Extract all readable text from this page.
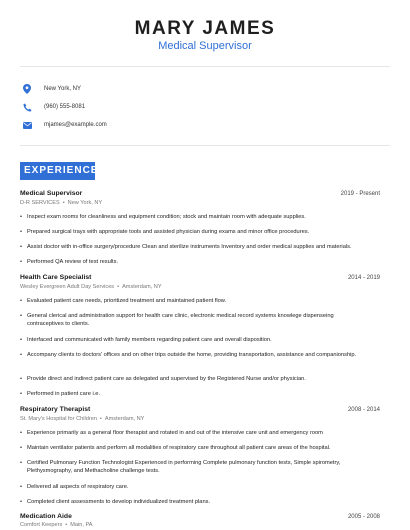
MARY JAMES
Medical Supervisor
New York, NY
(960) 555-8081
mjames@example.com
EXPERIENCE
Medical Supervisor	2019 - Present
D-R SERVICES • New York, NY
• Inspect exam rooms for cleanliness and equipment condition; stock and maintain room with adequate supplies.
• Prepared surgical trays with appropriate tools and assisted physician during exams and minor office procedures.
• Assist doctor with in-office surgery/procedure Clean and sterilize instruments Inventory and order medical supplies and materials.
• Performed QA review of test results.
Health Care Specialist	2014 - 2019
Wesley Evergreen Adult Day Services • Amsterdam, NY
• Evaluated patient care needs, prioritized treatment and maintained patient flow.
• General clerical and administration support for health care clinic, electronic medical record systems knowlege dispenseing contraceptives to clients.
• Interfaced and communicated with family members regarding patient care and overall disposition.
• Accompany clients to doctors' offices and on other trips outside the home, providing transportation, assistance and companionship.
• Provide direct and indirect patient care as delegated and supervised by the Registered Nurse and/or physician.
• Performed in patient care i.e.
Respiratory Therapist	2008 - 2014
St. Mary's Hospital for Children • Amsterdam, NY
• Experience primarily as a general floor therapist and rotated in and out of the intensive care unit and emergency room
• Maintain ventilator patients and perform all modalities of respiratory care throughout all patient care areas of the hospital.
• Certified Pulmonary Function Technologist Experienced in performing Complete pulmonary function tests, Simple spirometry, Plethysmography, and Methacholine challenge tests.
• Delivered all aspects of respiratory care.
• Completed client assessments to develop individualized treatment plans.
Medication Aide	2005 - 2008
Comfort Keepers • Main, PA
